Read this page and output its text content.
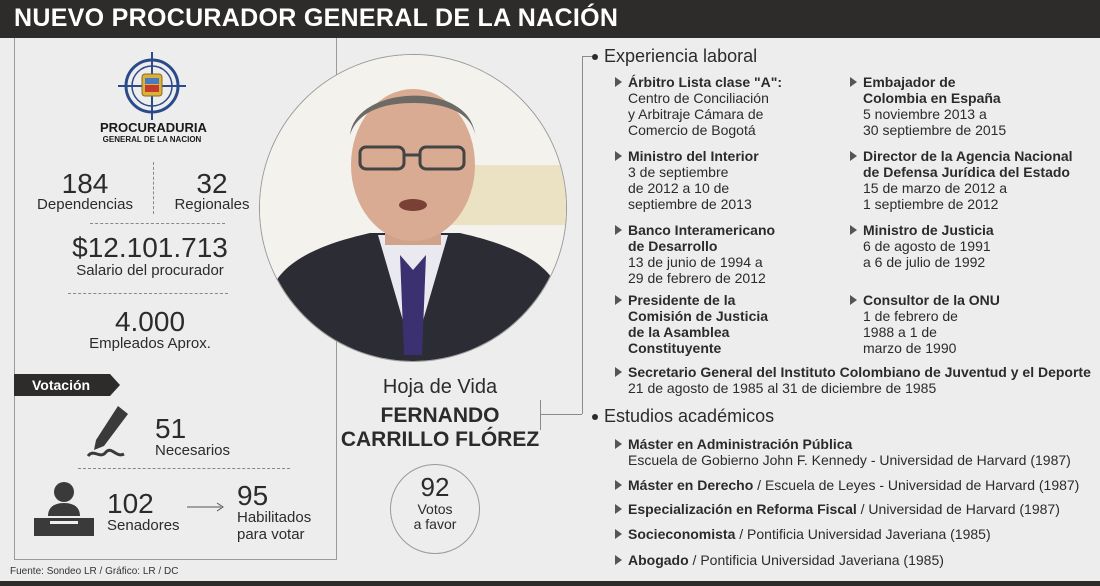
NUEVO PROCURADOR GENERAL DE LA NACIÓN
PROCURADURIA
GENERAL DE LA NACION
184
Dependencias
32
Regionales
$12.101.713
Salario del procurador
4.000
Empleados Aprox.
Votación
51
Necesarios
102
Senadores
95
Habilitados
para votar
Hoja de Vida
FERNANDO
CARRILLO FLÓREZ
92
Votos
a favor
Experiencia laboral
Árbitro Lista clase "A":
Centro de Conciliación
y Arbitraje Cámara de
Comercio de Bogotá
Ministro del Interior
3 de septiembre
de 2012 a 10 de
septiembre de 2013
Banco Interamericano
de Desarrollo
13 de junio de 1994 a
29 de febrero de 2012
Presidente de la
Comisión de Justicia
de la Asamblea
Constituyente
Embajador de
Colombia en España
5 noviembre 2013 a
30 septiembre de 2015
Director de la Agencia Nacional
de Defensa Jurídica del Estado
15 de marzo de 2012 a
1 septiembre de 2012
Ministro de Justicia
6 de agosto de 1991
a 6 de julio de 1992
Consultor de la ONU
1 de febrero de
1988 a 1 de
marzo de 1990
Secretario General del Instituto Colombiano de Juventud y el Deporte
21 de agosto de 1985 al 31 de diciembre de 1985
Estudios académicos
Máster en Administración Pública
Escuela de Gobierno John F. Kennedy - Universidad de Harvard (1987)
Máster en Derecho / Escuela de Leyes - Universidad de Harvard (1987)
Especialización en Reforma Fiscal / Universidad de Harvard (1987)
Socieconomista / Pontificia Universidad Javeriana (1985)
Abogado / Pontificia Universidad Javeriana (1985)
Fuente: Sondeo LR / Gráfico: LR / DC
